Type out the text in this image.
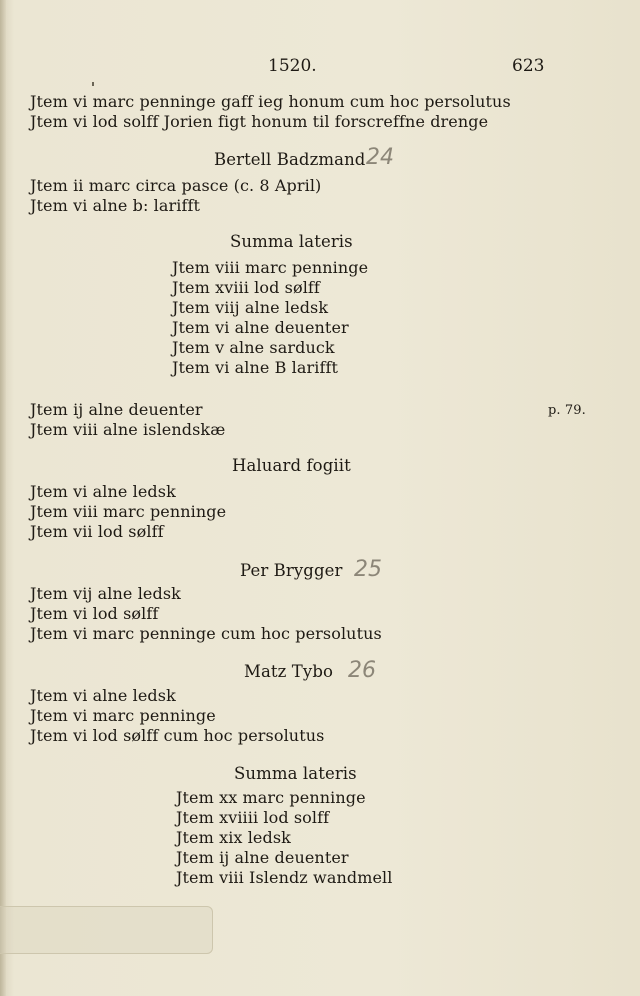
1520.	623
Jtem vi marc penninge gaff ieg honum cum hoc persolutus
Jtem vi lod solff Jorien figt honum til forscreffne drenge
Bertell Badzmand 24
Jtem ii marc circa pasce (c. 8 April)
Jtem vi alne b: larifft
Summa lateris
Jtem viii marc penninge
Jtem xviii lod sølff
Jtem viij alne ledsk
Jtem vi alne deuenter
Jtem v alne sarduck
Jtem vi alne B larifft
Jtem ij alne deuenter	p. 79.
Jtem viii alne islendskæ
Haluard fogiit
Jtem vi alne ledsk
Jtem viii marc penninge
Jtem vii lod sølff
Per Brygger 25
Jtem vij alne ledsk
Jtem vi lod sølff
Jtem vi marc penninge cum hoc persolutus
Matz Tybo 26
Jtem vi alne ledsk
Jtem vi marc penninge
Jtem vi lod sølff cum hoc persolutus
Summa lateris
Jtem xx marc penninge
Jtem xviiii lod solff
Jtem xix ledsk
Jtem ij alne deuenter
Jtem viii Islendz wandmell
